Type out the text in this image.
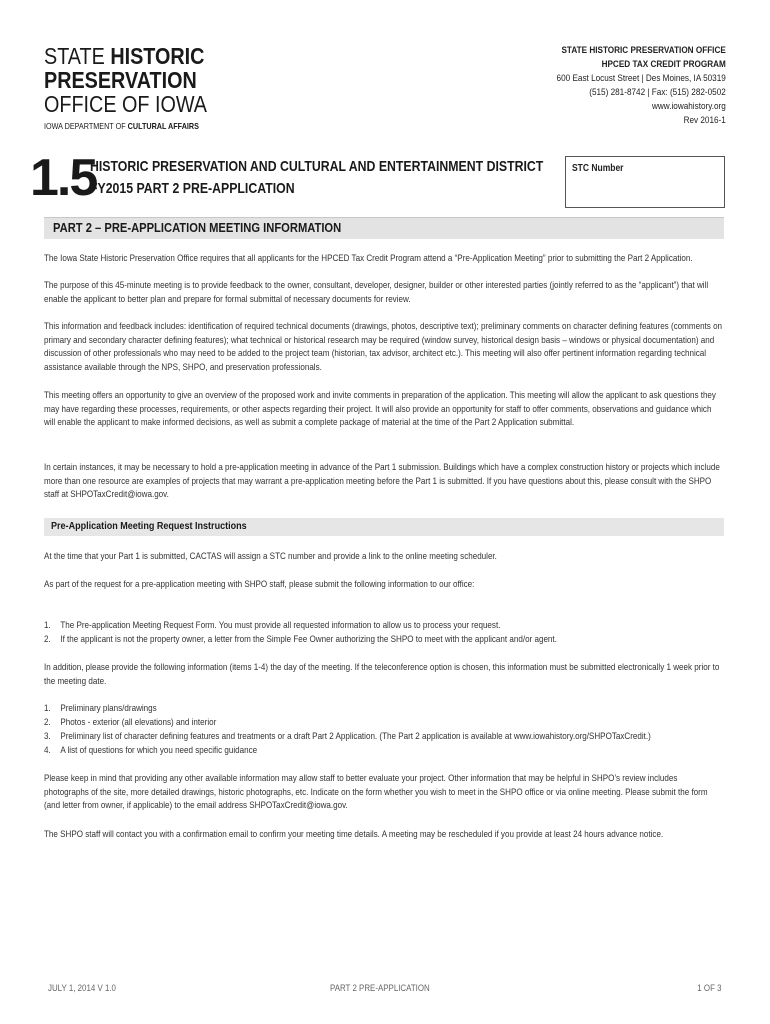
STATE HISTORIC
PRESERVATION
OFFICE OF IOWA
IOWA DEPARTMENT OF CULTURAL AFFAIRS
STATE HISTORIC PRESERVATION OFFICE
HPCED TAX CREDIT PROGRAM
600 East Locust Street | Des Moines, IA 50319
(515) 281-8742 | Fax: (515) 282-0502
www.iowahistory.org
Rev 2016-1
1.5
HISTORIC PRESERVATION AND CULTURAL AND ENTERTAINMENT DISTRICT
FY2015 PART 2 PRE-APPLICATION
STC Number
PART 2 – PRE-APPLICATION MEETING INFORMATION
The Iowa State Historic Preservation Office requires that all applicants for the HPCED Tax Credit Program attend a “Pre-Application Meeting” prior to submitting the Part 2 Application.
The purpose of this 45-minute meeting is to provide feedback to the owner, consultant, developer, designer, builder or other interested parties (jointly referred to as the “applicant”) that will enable the applicant to better plan and prepare for formal submittal of necessary documents for review.
This information and feedback includes: identification of required technical documents (drawings, photos, descriptive text); preliminary comments on character defining features (comments on primary and secondary character defining features); what technical or historical research may be required (window survey, historical design basis – windows or physical documentation) and discussion of other professionals who may need to be added to the project team (historian, tax advisor, architect etc.). This meeting will also offer pertinent information regarding technical assistance available through the NPS, SHPO, and preservation professionals.
This meeting offers an opportunity to give an overview of the proposed work and invite comments in preparation of the application. This meeting will allow the applicant to ask questions they may have regarding these processes, requirements, or other aspects regarding their project. It will also provide an opportunity for staff to offer comments, observations and guidance which will enable the applicant to make informed decisions, as well as submit a complete package of material at the time of the Part 2 Application submittal.
In certain instances, it may be necessary to hold a pre-application meeting in advance of the Part 1 submission. Buildings which have a complex construction history or projects which include more than one resource are examples of projects that may warrant a pre-application meeting before the Part 1 is submitted. If you have questions about this, please consult with the SHPO staff at SHPOTaxCredit@iowa.gov.
Pre-Application Meeting Request Instructions
At the time that your Part 1 is submitted, CACTAS will assign a STC number and provide a link to the online meeting scheduler.
As part of the request for a pre-application meeting with SHPO staff, please submit the following information to our office:
1. The Pre-application Meeting Request Form. You must provide all requested information to allow us to process your request.
2. If the applicant is not the property owner, a letter from the Simple Fee Owner authorizing the SHPO to meet with the applicant and/or agent.
In addition, please provide the following information (items 1-4) the day of the meeting. If the teleconference option is chosen, this information must be submitted electronically 1 week prior to the meeting date.
1. Preliminary plans/drawings
2. Photos - exterior (all elevations) and interior
3. Preliminary list of character defining features and treatments or a draft Part 2 Application. (The Part 2 application is available at www.iowahistory.org/SHPOTaxCredit.)
4. A list of questions for which you need specific guidance
Please keep in mind that providing any other available information may allow staff to better evaluate your project. Other information that may be helpful in SHPO’s review includes photographs of the site, more detailed drawings, historic photographs, etc. Indicate on the form whether you wish to meet in the SHPO office or via online meeting. Please submit the form (and letter from owner, if applicable) to the email address SHPOTaxCredit@iowa.gov.
The SHPO staff will contact you with a confirmation email to confirm your meeting time details. A meeting may be rescheduled if you provide at least 24 hours advance notice.
JULY 1, 2014 V 1.0	PART 2 PRE-APPLICATION	1 OF 3
